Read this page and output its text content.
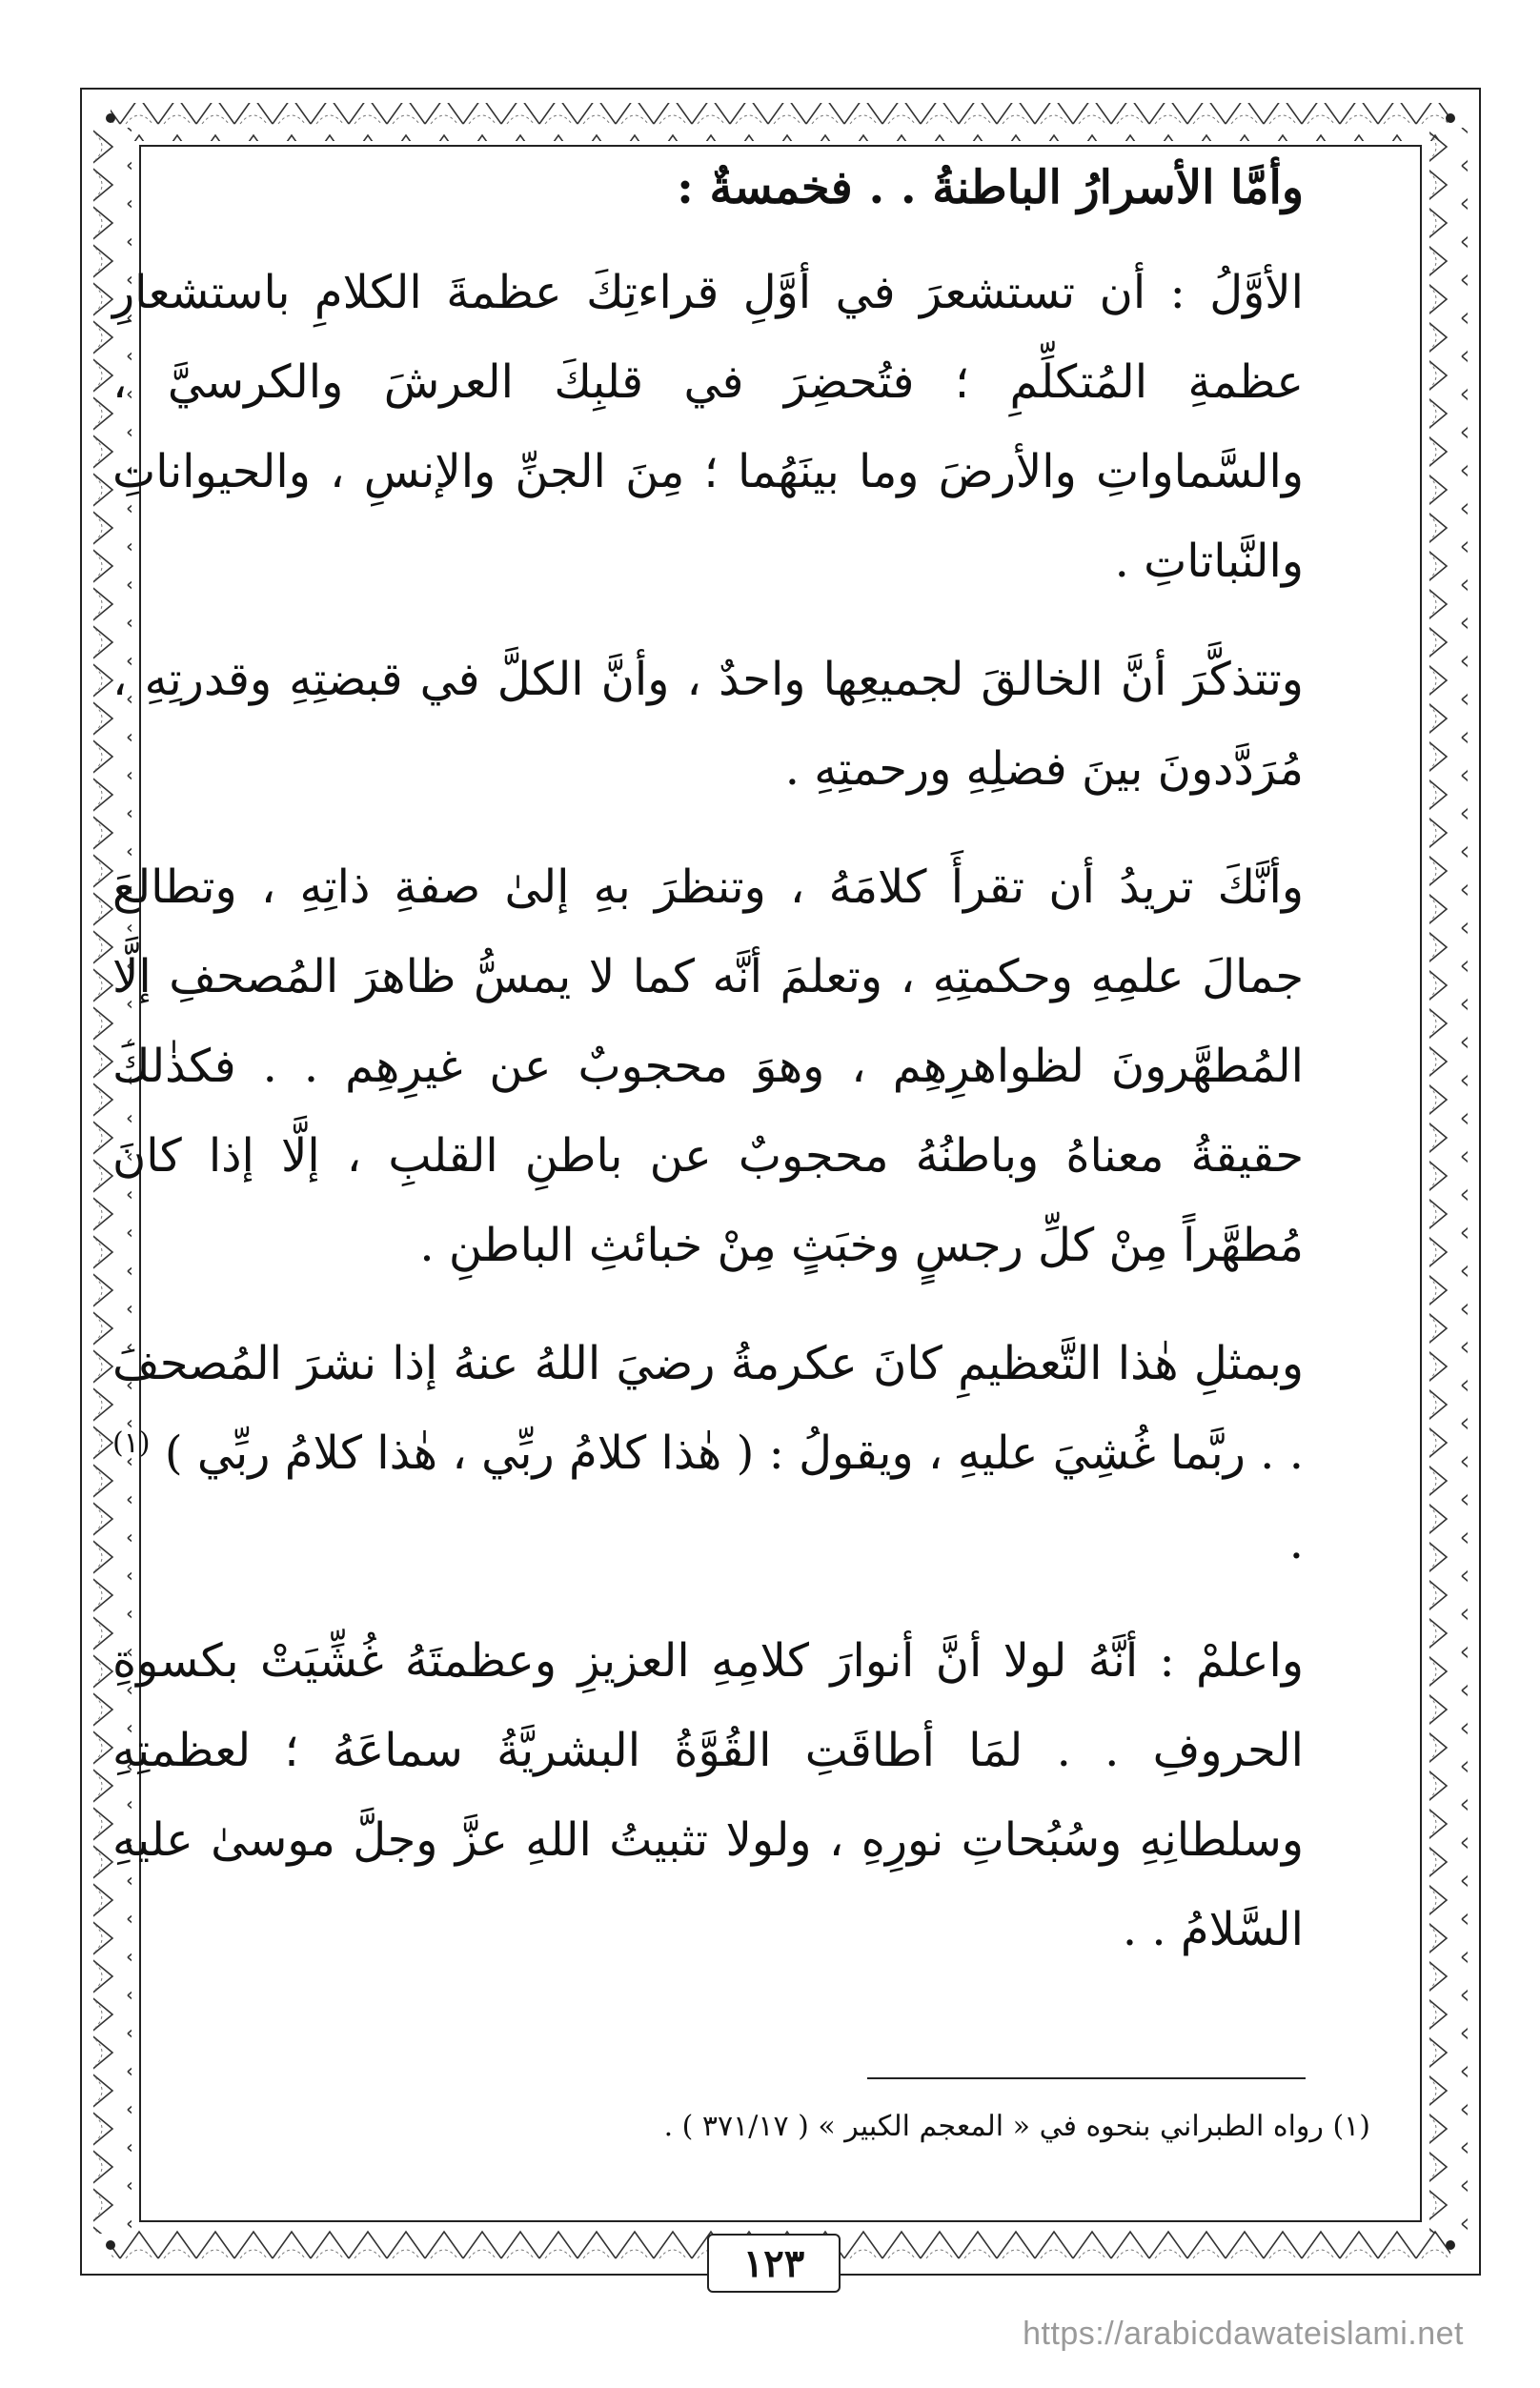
وأمَّا الأسرارُ الباطنةُ . . فخمسةٌ :

الأوَّلُ : أن تستشعرَ في أوَّلِ قراءتِكَ عظمةَ الكلامِ باستشعارِ عظمةِ المُتكلِّمِ ؛ فتُحضِرَ في قلبِكَ العرشَ والكرسيَّ ، والسَّماواتِ والأرضَ وما بينَهُما ؛ مِنَ الجنِّ والإنسِ ، والحيواناتِ والنَّباتاتِ .

وتتذكَّرَ أنَّ الخالقَ لجميعِها واحدٌ ، وأنَّ الكلَّ في قبضتِهِ وقدرتِهِ ، مُرَدَّدونَ بينَ فضلِهِ ورحمتِهِ .

وأنَّكَ تريدُ أن تقرأَ كلامَهُ ، وتنظرَ بهِ إلىٰ صفةِ ذاتِهِ ، وتطالعَ جمالَ علمِهِ وحكمتِهِ ، وتعلمَ أنَّه كما لا يمسُّ ظاهرَ المُصحفِ إلَّا المُطهَّرونَ لظواهرِهِم ، وهوَ محجوبٌ عن غيرِهِم . . فكذٰلكَ حقيقةُ معناهُ وباطنُهُ محجوبٌ عن باطنِ القلبِ ، إلَّا إذا كانَ مُطهَّراً مِنْ كلِّ رجسٍ وخبَثٍ مِنْ خبائثِ الباطنِ .

وبمثلِ هٰذا التَّعظيمِ كانَ عكرمةُ رضيَ اللهُ عنهُ إذا نشرَ المُصحفَ . . ربَّما غُشِيَ عليهِ ، ويقولُ : ( هٰذا كلامُ ربِّي ، هٰذا كلامُ ربِّي ) $^{(١)}$ .

واعلمْ : أنَّهُ لولا أنَّ أنوارَ كلامِهِ العزيزِ وعظمتَهُ غُشِّيَتْ بكسوةِ الحروفِ . . لمَا أطاقَتِ القُوَّةُ البشريَّةُ سماعَهُ ؛ لعظمتِهِ وسلطانِهِ وسُبُحاتِ نورِهِ ، ولولا تثبيتُ اللهِ عزَّ وجلَّ موسىٰ عليهِ السَّلامُ . .

(١) رواه الطبراني بنحوه في « المعجم الكبير » ( ٣٧١/١٧ ) .
١٢٣
https://arabicdawateislami.net
